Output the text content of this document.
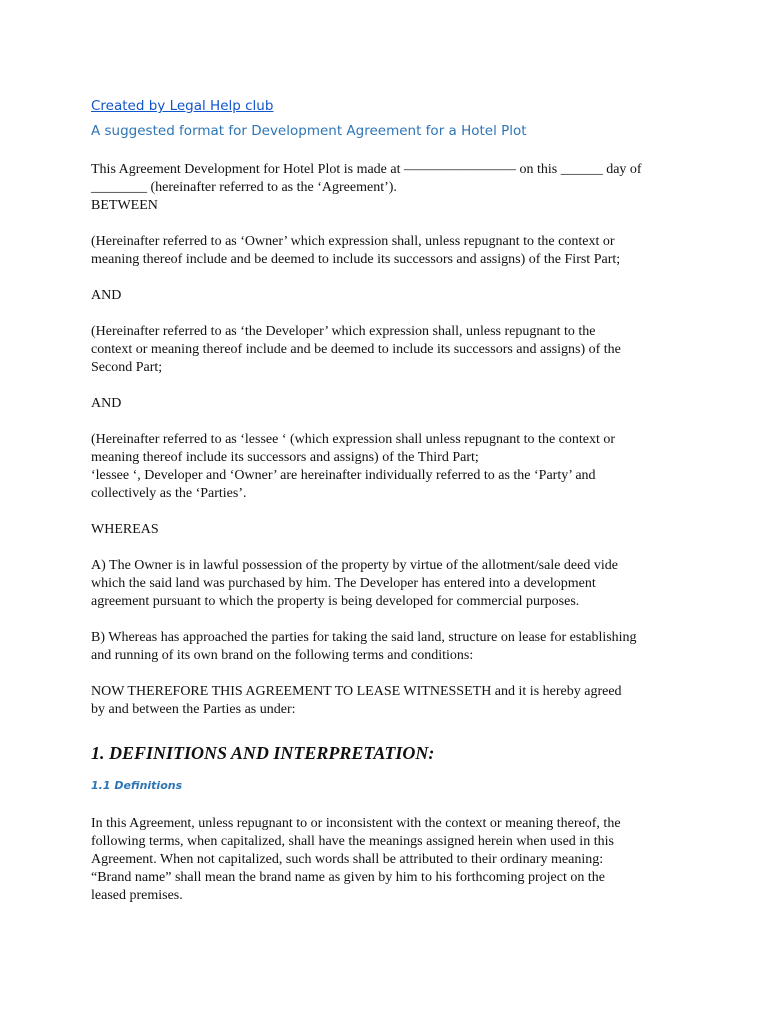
Created by Legal Help club

A suggested format for Development Agreement for a Hotel Plot

This Agreement Development for Hotel Plot is made at ———————— on this ______ day of
________ (hereinafter referred to as the ‘Agreement’).
BETWEEN
(Hereinafter referred to as ‘Owner’ which expression shall, unless repugnant to the context or
meaning thereof include and be deemed to include its successors and assigns) of the First Part;
AND
(Hereinafter referred to as ‘the Developer’ which expression shall, unless repugnant to the
context or meaning thereof include and be deemed to include its successors and assigns) of the
Second Part;
AND
(Hereinafter referred to as ‘lessee ‘ (which expression shall unless repugnant to the context or
meaning thereof include its successors and assigns) of the Third Part;
‘lessee ‘, Developer and ‘Owner’ are hereinafter individually referred to as the ‘Party’ and
collectively as the ‘Parties’.
WHEREAS
A) The Owner is in lawful possession of the property by virtue of the allotment/sale deed vide
which the said land was purchased by him. The Developer has entered into a development
agreement pursuant to which the property is being developed for commercial purposes.
B) Whereas has approached the parties for taking the said land, structure on lease for establishing
and running of its own brand on the following terms and conditions:
NOW THEREFORE THIS AGREEMENT TO LEASE WITNESSETH and it is hereby agreed
by and between the Parties as under:
1. DEFINITIONS AND INTERPRETATION:
1.1 Definitions
In this Agreement, unless repugnant to or inconsistent with the context or meaning thereof, the
following terms, when capitalized, shall have the meanings assigned herein when used in this
Agreement. When not capitalized, such words shall be attributed to their ordinary meaning:
“Brand name” shall mean the brand name as given by him to his forthcoming project on the
leased premises.
